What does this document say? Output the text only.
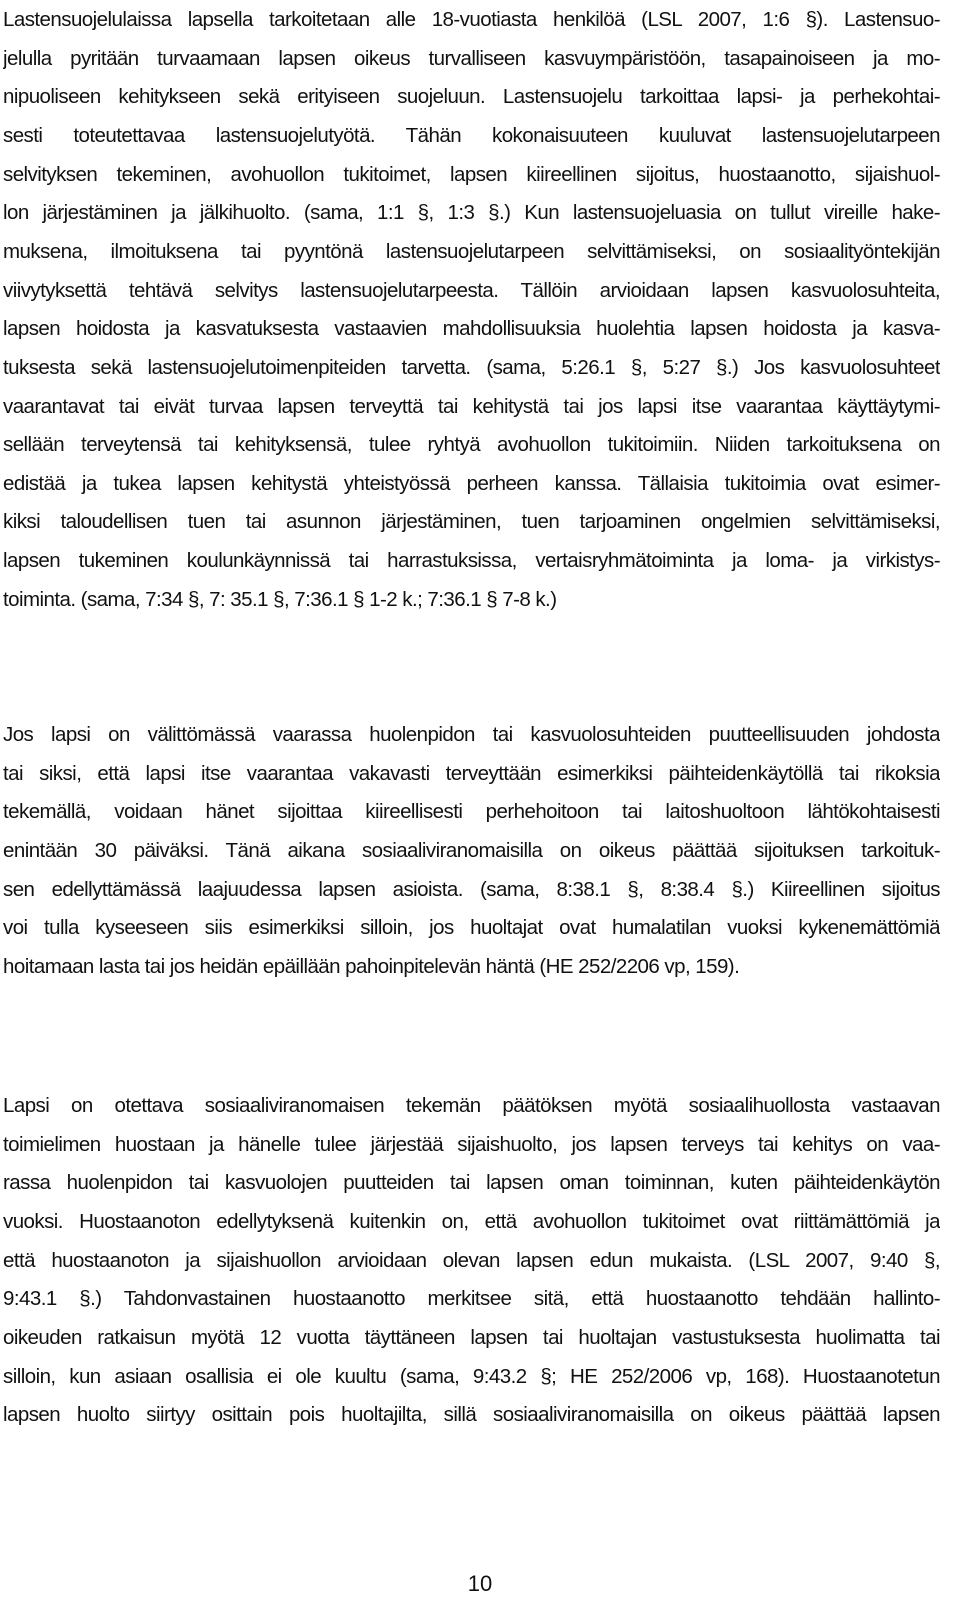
Lastensuojelulaissa lapsella tarkoitetaan alle 18-vuotiasta henkilöä (LSL 2007, 1:6 §). Lastensuo-
jelulla pyritään turvaamaan lapsen oikeus turvalliseen kasvuympäristöön, tasapainoiseen ja mo-
nipuoliseen kehitykseen sekä erityiseen suojeluun. Lastensuojelu tarkoittaa lapsi- ja perhekohtai-
sesti toteutettavaa lastensuojelutyötä. Tähän kokonaisuuteen kuuluvat lastensuojelutarpeen
selvityksen tekeminen, avohuollon tukitoimet, lapsen kiireellinen sijoitus, huostaanotto, sijaishuol-
lon järjestäminen ja jälkihuolto. (sama, 1:1 §, 1:3 §.) Kun lastensuojeluasia on tullut vireille hake-
muksena, ilmoituksena tai pyyntönä lastensuojelutarpeen selvittämiseksi, on sosiaalityöntekijän
viivytyksettä tehtävä selvitys lastensuojelutarpeesta. Tällöin arvioidaan lapsen kasvuolosuhteita,
lapsen hoidosta ja kasvatuksesta vastaavien mahdollisuuksia huolehtia lapsen hoidosta ja kasva-
tuksesta sekä lastensuojelutoimenpiteiden tarvetta. (sama, 5:26.1 §, 5:27 §.) Jos kasvuolosuhteet
vaarantavat tai eivät turvaa lapsen terveyttä tai kehitystä tai jos lapsi itse vaarantaa käyttäytymi-
sellään terveytensä tai kehityksensä, tulee ryhtyä avohuollon tukitoimiin. Niiden tarkoituksena on
edistää ja tukea lapsen kehitystä yhteistyössä perheen kanssa. Tällaisia tukitoimia ovat esimer-
kiksi taloudellisen tuen tai asunnon järjestäminen, tuen tarjoaminen ongelmien selvittämiseksi,
lapsen tukeminen koulunkäynnissä tai harrastuksissa, vertaisryhmätoiminta ja loma- ja virkistys-
toiminta. (sama, 7:34 §, 7: 35.1 §, 7:36.1 § 1-2 k.; 7:36.1 § 7-8 k.)
Jos lapsi on välittömässä vaarassa huolenpidon tai kasvuolosuhteiden puutteellisuuden johdosta
tai siksi, että lapsi itse vaarantaa vakavasti terveyttään esimerkiksi päihteidenkäytöllä tai rikoksia
tekemällä, voidaan hänet sijoittaa kiireellisesti perhehoitoon tai laitoshuoltoon lähtökohtaisesti
enintään 30 päiväksi. Tänä aikana sosiaaliviranomaisilla on oikeus päättää sijoituksen tarkoituk-
sen edellyttämässä laajuudessa lapsen asioista. (sama, 8:38.1 §, 8:38.4 §.) Kiireellinen sijoitus
voi tulla kyseeseen siis esimerkiksi silloin, jos huoltajat ovat humalatilan vuoksi kykenemättömiä
hoitamaan lasta tai jos heidän epäillään pahoinpitelevän häntä (HE 252/2206 vp, 159).
Lapsi on otettava sosiaaliviranomaisen tekemän päätöksen myötä sosiaalihuollosta vastaavan
toimielimen huostaan ja hänelle tulee järjestää sijaishuolto, jos lapsen terveys tai kehitys on vaa-
rassa huolenpidon tai kasvuolojen puutteiden tai lapsen oman toiminnan, kuten päihteidenkäytön
vuoksi. Huostaanoton edellytyksenä kuitenkin on, että avohuollon tukitoimet ovat riittämättömiä ja
että huostaanoton ja sijaishuollon arvioidaan olevan lapsen edun mukaista. (LSL 2007, 9:40 §,
9:43.1 §.) Tahdonvastainen huostaanotto merkitsee sitä, että huostaanotto tehdään hallinto-
oikeuden ratkaisun myötä 12 vuotta täyttäneen lapsen tai huoltajan vastustuksesta huolimatta tai
silloin, kun asiaan osallisia ei ole kuultu (sama, 9:43.2 §; HE 252/2006 vp, 168). Huostaanotetun
lapsen huolto siirtyy osittain pois huoltajilta, sillä sosiaaliviranomaisilla on oikeus päättää lapsen
10
